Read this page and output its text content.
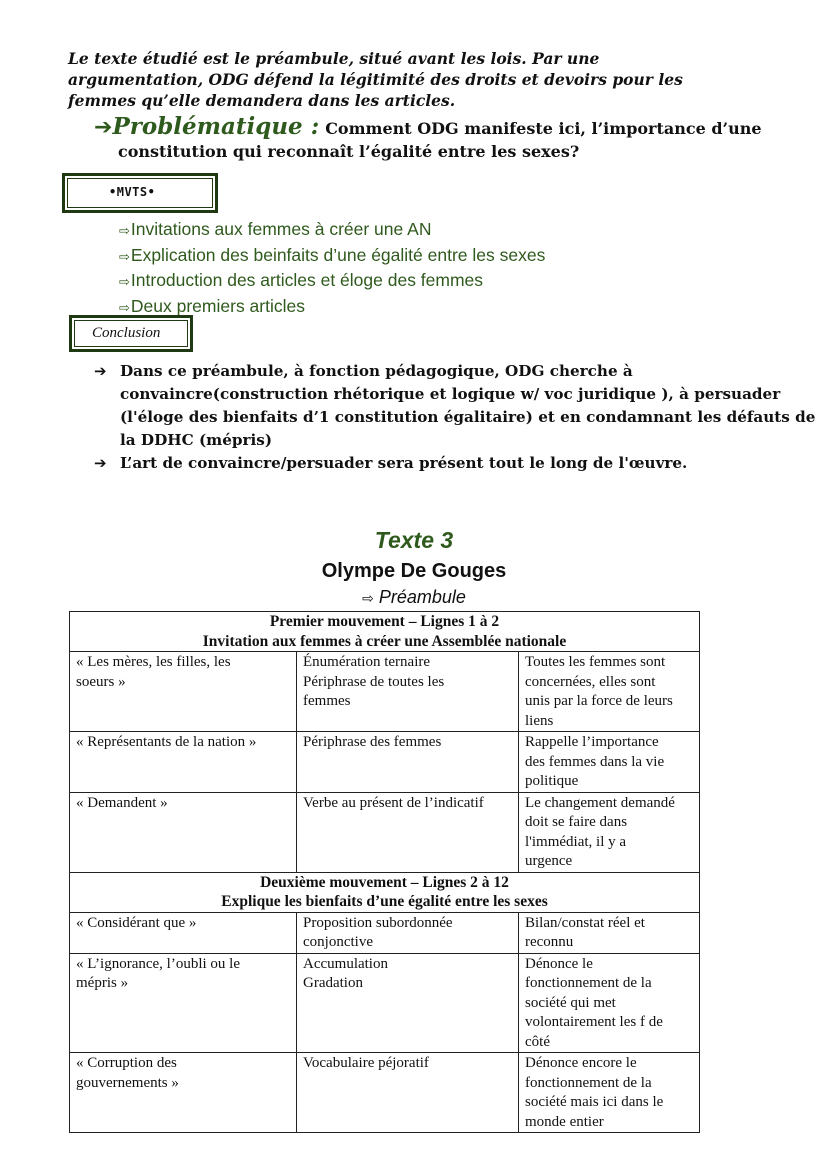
Le texte étudié est le préambule, situé avant les lois. Par une
argumentation, ODG défend la légitimité des droits et devoirs pour les
femmes qu’elle demandera dans les articles.
➔Problématique : Comment ODG manifeste ici, l’importance d’une
constitution qui reconnaît l’égalité entre les sexes?
•MVTS•
⇨Invitations aux femmes à créer une AN
⇨Explication des beinfaits d’une égalité entre les sexes
⇨Introduction des articles et éloge des femmes
⇨Deux premiers articles
Conclusion
➔ Dans ce préambule, à fonction pédagogique, ODG cherche à
convaincre(construction rhétorique et logique w/ voc juridique ), à persuader
(l'éloge des bienfaits d’1 constitution égalitaire) et en condamnant les défauts de
la DDHC (mépris)
➔ L’art de convaincre/persuader sera présent tout le long de l'œuvre.
Texte 3
Olympe De Gouges
⇨ Préambule
Premier mouvement – Lignes 1 à 2
Invitation aux femmes à créer une Assemblée nationale		

« Les mères, les filles, les
soeurs »	Énumération ternaire
Périphrase de toutes les
femmes	Toutes les femmes sont
concernées, elles sont
unis par la force de leurs
liens

« Représentants de la nation »	Périphrase des femmes	Rappelle l’importance
des femmes dans la vie
politique

« Demandent »	Verbe au présent de l’indicatif	Le changement demandé
doit se faire dans
l'immédiat, il y a
urgence

Deuxième mouvement – Lignes 2 à 12
Explique les bienfaits d’une égalité entre les sexes		

« Considérant que »	Proposition subordonnée
conjonctive	Bilan/constat réel et
reconnu

« L’ignorance, l’oubli ou le
mépris »	Accumulation
Gradation	Dénonce le
fonctionnement de la
société qui met
volontairement les f de
côté

« Corruption des
gouvernements »	Vocabulaire péjoratif	Dénonce encore le
fonctionnement de la
société mais ici dans le
monde entier
